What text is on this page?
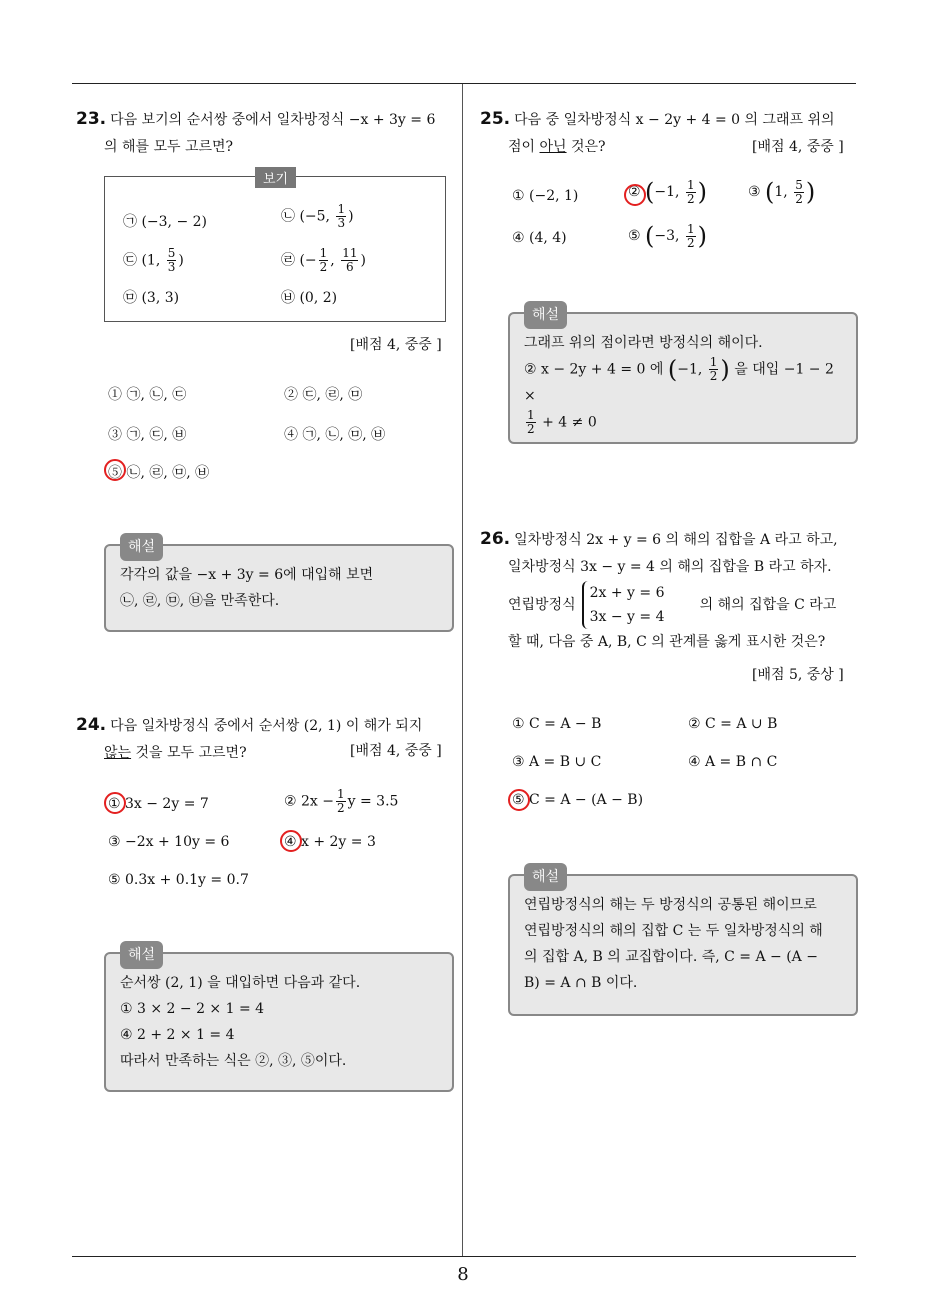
23. 다음 보기의 순서쌍 중에서 일차방정식 −x + 3y = 6
의 해를 모두 고르면?
보기
㉠ (−3, − 2)	㉡ (−5, $\frac{1}{3}$ )
㉢ (1, $\frac{5}{3}$ )	㉣ (− $\frac{1}{2}$ , $\frac{11}{6}$ )
㉤ (3, 3)	㉥ (0, 2)
[배점 4, 중중 ]
① ㉠, ㉡, ㉢	② ㉢, ㉣, ㉤
③ ㉠, ㉢, ㉥	④ ㉠, ㉡, ㉤, ㉥
⑤ ㉡, ㉣, ㉤, ㉥
해설
각각의 값을 −x + 3y = 6에 대입해 보면
㉡, ㉣, ㉤, ㉥을 만족한다.
24. 다음 일차방정식 중에서 순서쌍 (2, 1) 이 해가 되지
않는 것을 모두 고르면?	[배점 4, 중중 ]
① 3x − 2y = 7	② $2x - \frac{1}{2}$ y = 3.5
③ −2x + 10y = 6	④ x + 2y = 3
⑤ 0.3x + 0.1y = 0.7
해설
순서쌍 (2, 1) 을 대입하면 다음과 같다.
① 3 × 2 − 2 × 1 = 4
④ 2 + 2 × 1 = 4
따라서 만족하는 식은 ②, ③, ⑤이다.
25. 다음 중 일차방정식 x − 2y + 4 = 0 의 그래프 위의
점이 아닌 것은?	[배점 4, 중중 ]
① (−2, 1)	② (−1, $\frac{1}{2}$ )	③ (1, $\frac{5}{2}$ )
④ (4, 4)	⑤ (−3, $\frac{1}{2}$ )
해설
그래프 위의 점이라면 방정식의 해이다.
② x − 2y + 4 = 0 에 (−1, $\frac{1}{2}$ ) 을 대입 −1 − 2 ×
$\frac{1}{2} + 4 \ne 0$
26. 일차방정식 2x + y = 6 의 해의 집합을 A 라고 하고,
일차방정식 3x − y = 4 의 해의 집합을 B 라고 하자.
연립방정식
2x + y = 6
3x − y = 4
의 해의 집합을 C 라고
할 때, 다음 중 A, B, C 의 관계를 옳게 표시한 것은?
[배점 5, 중상 ]
① C = A − B	② C = A ∪ B
③ A = B ∪ C	④ A = B ∩ C
⑤ C = A − (A − B)
해설
연립방정식의 해는 두 방정식의 공통된 해이므로
연립방정식의 해의 집합 C 는 두 일차방정식의 해
의 집합 A, B 의 교집합이다. 즉, C = A − (A −
B) = A ∩ B 이다.
8
